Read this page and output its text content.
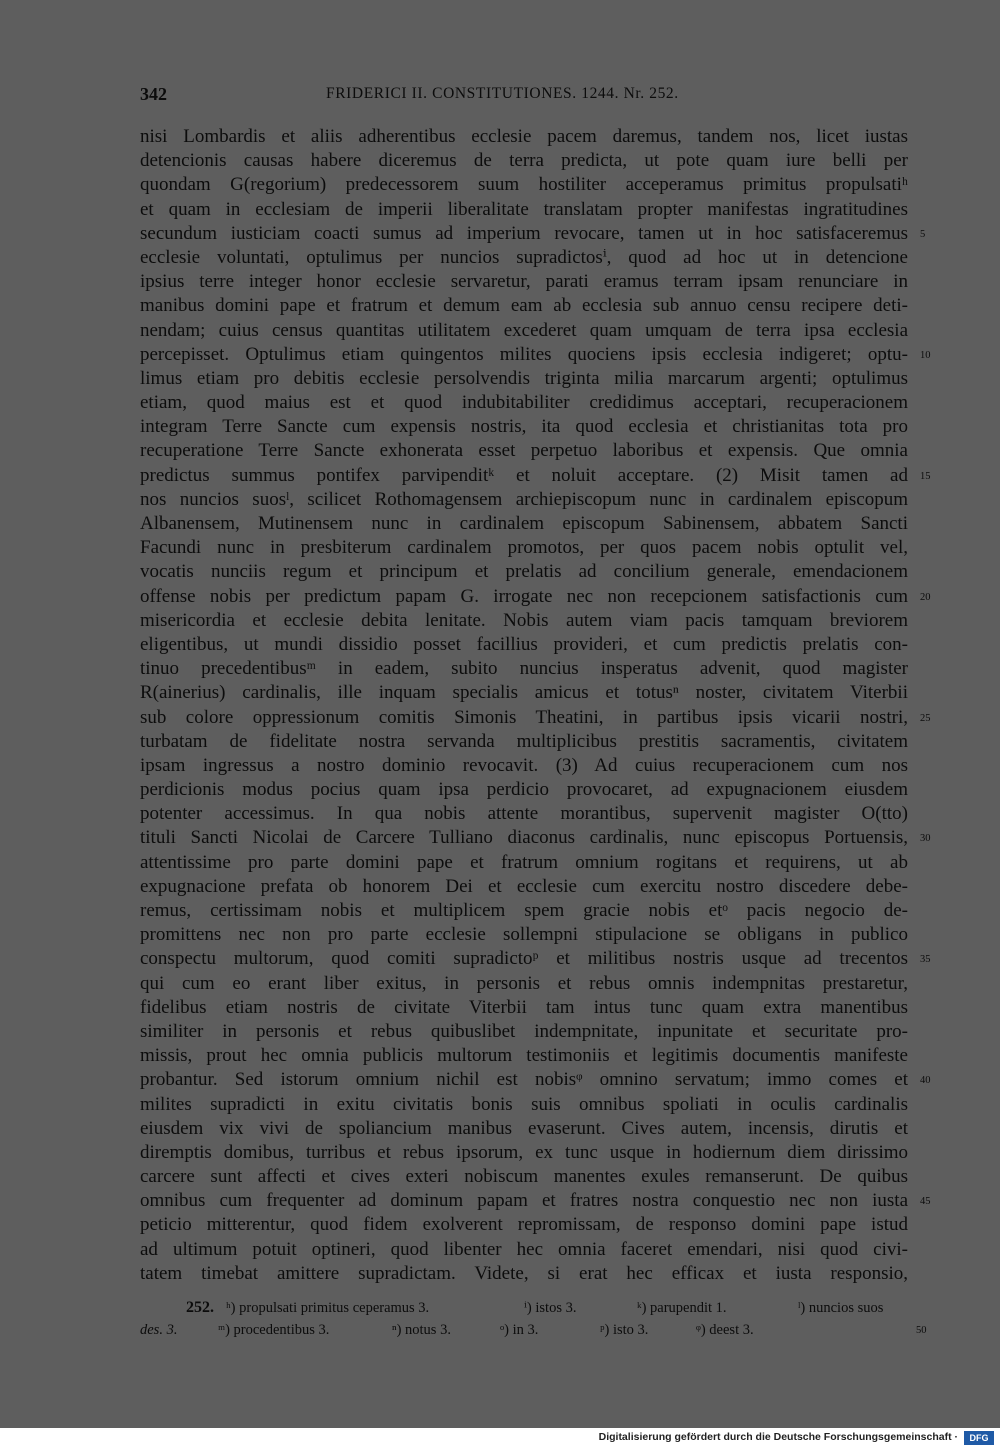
342	FRIDERICI II. CONSTITUTIONES. 1244. Nr. 252.
nisi Lombardis et aliis adherentibus ecclesie pacem daremus, tandem nos, licet iustas
detencionis causas habere diceremus de terra predicta, ut pote quam iure belli per
quondam G(regorium) predecessorem suum hostiliter acceperamus primitus propulsatiʰ
et quam in ecclesiam de imperii liberalitate translatam propter manifestas ingratitudines
secundum iusticiam coacti sumus ad imperium revocare, tamen ut in hoc satisfaceremus 5
ecclesie voluntati, optulimus per nuncios supradictosⁱ, quod ad hoc ut in detencione
ipsius terre integer honor ecclesie servaretur, parati eramus terram ipsam renunciare in
manibus domini pape et fratrum et demum eam ab ecclesia sub annuo censu recipere deti-
nendam; cuius census quantitas utilitatem excederet quam umquam de terra ipsa ecclesia
percepisset. Optulimus etiam quingentos milites quociens ipsis ecclesia indigeret; optu- 10
limus etiam pro debitis ecclesie persolvendis triginta milia marcarum argenti; optulimus
etiam, quod maius est et quod indubitabiliter credidimus acceptari, recuperacionem
integram Terre Sancte cum expensis nostris, ita quod ecclesia et christianitas tota pro
recuperatione Terre Sancte exhonerata esset perpetuo laboribus et expensis. Que omnia
predictus summus pontifex parvipenditᵏ et noluit acceptare. (2) Misit tamen ad 15
nos nuncios suosˡ, scilicet Rothomagensem archiepiscopum nunc in cardinalem episcopum
Albanensem, Mutinensem nunc in cardinalem episcopum Sabinensem, abbatem Sancti
Facundi nunc in presbiterum cardinalem promotos, per quos pacem nobis optulit vel,
vocatis nunciis regum et principum et prelatis ad concilium generale, emendacionem
offense nobis per predictum papam G. irrogate nec non recepcionem satisfactionis cum 20
misericordia et ecclesie debita lenitate. Nobis autem viam pacis tamquam breviorem
eligentibus, ut mundi dissidio posset facillius provideri, et cum predictis prelatis con-
tinuo precedentibusᵐ in eadem, subito nuncius insperatus advenit, quod magister
R(ainerius) cardinalis, ille inquam specialis amicus et totusⁿ noster, civitatem Viterbii
sub colore oppressionum comitis Simonis Theatini, in partibus ipsis vicarii nostri, 25
turbatam de fidelitate nostra servanda multiplicibus prestitis sacramentis, civitatem
ipsam ingressus a nostro dominio revocavit. (3) Ad cuius recuperacionem cum nos
perdicionis modus pocius quam ipsa perdicio provocaret, ad expugnacionem eiusdem
potenter accessimus. In qua nobis attente morantibus, supervenit magister O(tto)
tituli Sancti Nicolai de Carcere Tulliano diaconus cardinalis, nunc episcopus Portuensis, 30
attentissime pro parte domini pape et fratrum omnium rogitans et requirens, ut ab
expugnacione prefata ob honorem Dei et ecclesie cum exercitu nostro discedere debe-
remus, certissimam nobis et multiplicem spem gracie nobis etᵒ pacis negocio de-
promittens nec non pro parte ecclesie sollempni stipulacione se obligans in publico
conspectu multorum, quod comiti supradictoᵖ et militibus nostris usque ad trecentos 35
qui cum eo erant liber exitus, in personis et rebus omnis indempnitas prestaretur,
fidelibus etiam nostris de civitate Viterbii tam intus tunc quam extra manentibus
similiter in personis et rebus quibuslibet indempnitate, inpunitate et securitate pro-
missis, prout hec omnia publicis multorum testimoniis et legitimis documentis manifeste
probantur. Sed istorum omnium nichil est nobisᵠ omnino servatum; immo comes et 40
milites supradicti in exitu civitatis bonis suis omnibus spoliati in oculis cardinalis
eiusdem vix vivi de spoliancium manibus evaserunt. Cives autem, incensis, dirutis et
diremptis domibus, turribus et rebus ipsorum, ex tunc usque in hodiernum diem dirissimo
carcere sunt affecti et cives exteri nobiscum manentes exules remanserunt. De quibus
omnibus cum frequenter ad dominum papam et fratres nostra conquestio nec non iusta 45
peticio mitterentur, quod fidem exolverent repromissam, de responso domini pape istud
ad ultimum potuit optineri, quod libenter hec omnia faceret emendari, nisi quod civi-
tatem timebat amittere supradictam. Videte, si erat hec efficax et iusta responsio,
252. ʰ) propulsati primitus ceperamus 3.	ⁱ) istos 3.	ᵏ) parupendit 1.	ˡ) nuncios suos
des. 3.	ᵐ) procedentibus 3.	ⁿ) notus 3.	ᵒ) in 3.	ᵖ) isto 3.	ᵠ) deest 3.	50
Digitalisierung gefördert durch die Deutsche Forschungsgemeinschaft ·	DFG
